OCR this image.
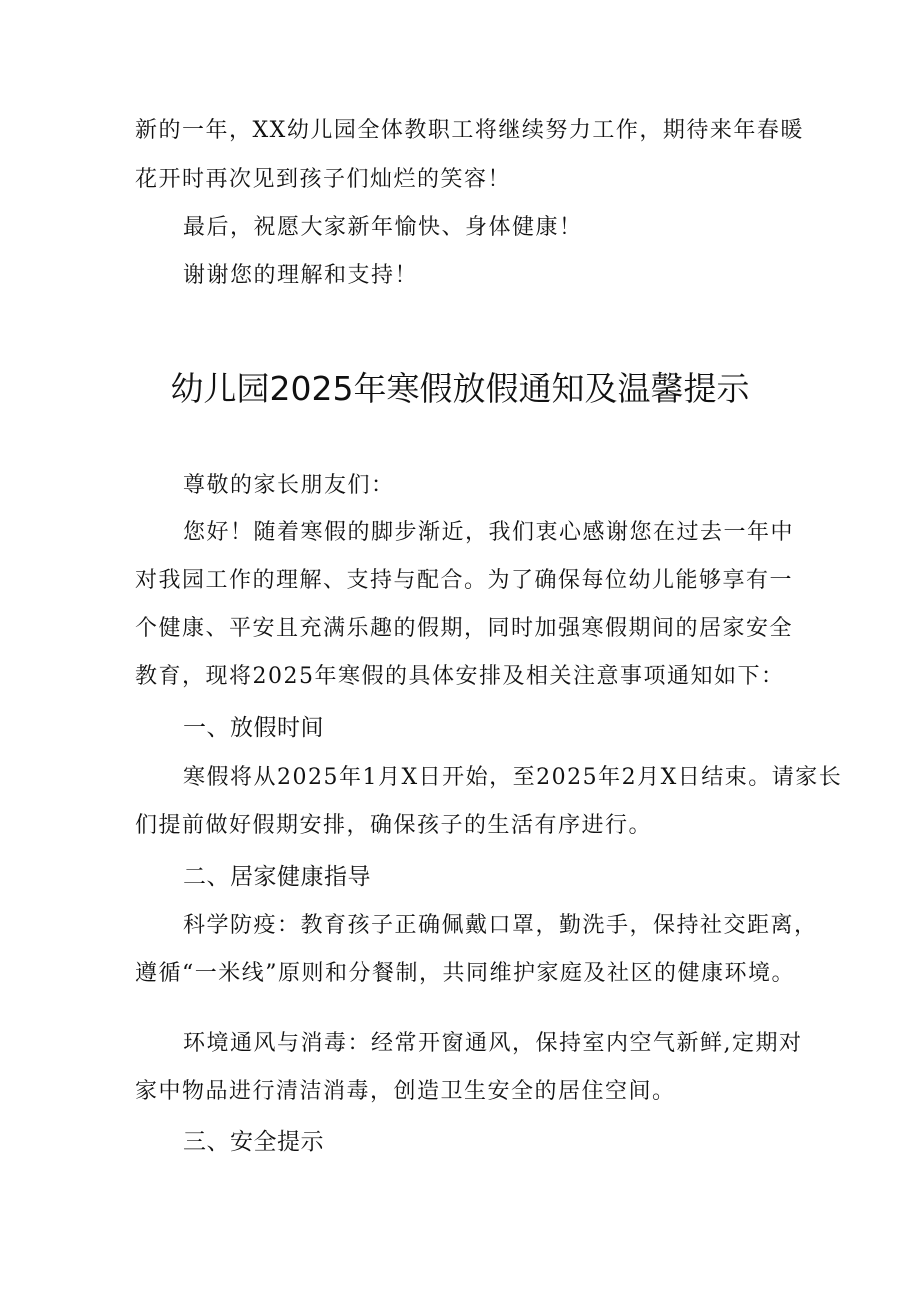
新的一年，XX幼儿园全体教职工将继续努力工作，期待来年春暖
花开时再次见到孩子们灿烂的笑容！
最后，祝愿大家新年愉快、身体健康！
谢谢您的理解和支持！
幼儿园2025年寒假放假通知及温馨提示
尊敬的家长朋友们：
您好！随着寒假的脚步渐近，我们衷心感谢您在过去一年中
对我园工作的理解、支持与配合。为了确保每位幼儿能够享有一
个健康、平安且充满乐趣的假期，同时加强寒假期间的居家安全
教育，现将2025年寒假的具体安排及相关注意事项通知如下：
一、放假时间
寒假将从2025年1月X日开始，至2025年2月X日结束。请家长
们提前做好假期安排，确保孩子的生活有序进行。
二、居家健康指导
科学防疫：教育孩子正确佩戴口罩，勤洗手，保持社交距离，
遵循“一米线”原则和分餐制，共同维护家庭及社区的健康环境。
环境通风与消毒：经常开窗通风，保持室内空气新鲜,定期对
家中物品进行清洁消毒，创造卫生安全的居住空间。
三、安全提示
